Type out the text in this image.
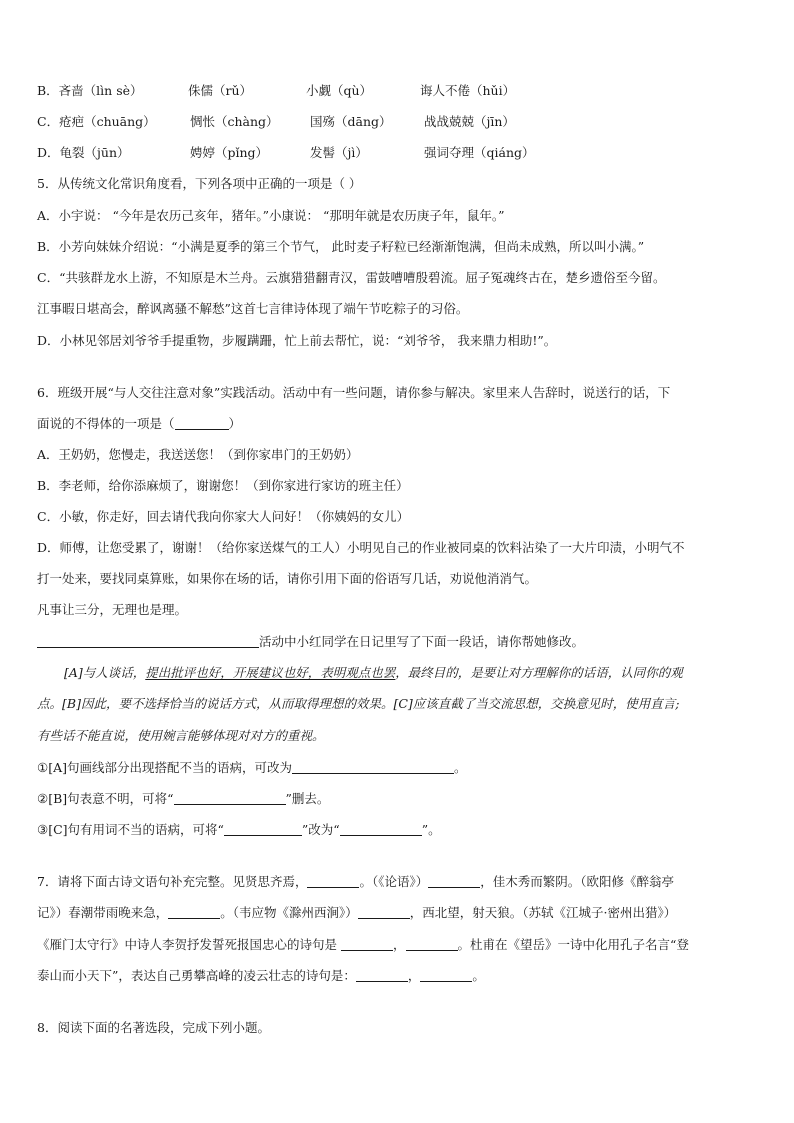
B．吝啬（lìn sè）	侏儒（rǔ）	小觑（qù）	诲人不倦（hǔi）
C．疮疤（chuāng）	惆怅（chàng）	国殇（dāng）	战战兢兢（jīn）
D．龟裂（jūn）	娉婷（pǐng）	发髻（jì）	强词夺理（qiáng）
5．从传统文化常识角度看，下列各项中正确的一项是（ ）
A．小宇说： “今年是农历己亥年，猪年。”小康说： “那明年就是农历庚子年，鼠年。”
B．小芳向妹妹介绍说：“小满是夏季的第三个节气， 此时麦子籽粒已经渐渐饱满，但尚未成熟，所以叫小满。”
C．“共骇群龙水上游，不知原是木兰舟。云旗猎猎翻青汉，雷鼓嘈嘈殷碧流。屈子冤魂终古在，楚乡遗俗至今留。
江事暇日堪高会，醉讽离骚不解愁”这首七言律诗体现了端午节吃粽子的习俗。
D．小林见邻居刘爷爷手提重物，步履蹒跚，忙上前去帮忙，说：“刘爷爷， 我来鼎力相助!”。
6．班级开展“与人交往注意对象”实践活动。活动中有一些问题，请你参与解决。家里来人告辞时，说送行的话，下
面说的不得体的一项是（	）
A．王奶奶，您慢走，我送送您！（到你家串门的王奶奶）
B．李老师，给你添麻烦了，谢谢您！（到你家进行家访的班主任）
C．小敏，你走好，回去请代我向你家大人问好！（你姨妈的女儿）
D．师傅，让您受累了，谢谢！（给你家送煤气的工人）小明见自己的作业被同桌的饮料沾染了一大片印渍，小明气不
打一处来，要找同桌算账，如果你在场的话，请你引用下面的俗语写几话，劝说他消消气。
凡事让三分，无理也是理。
活动中小红同学在日记里写了下面一段话，请你帮她修改。
[A]与人谈话，提出批评也好，开展建议也好，表明观点也罢，最终目的，是要让对方理解你的话语，认同你的观
点。[B]因此，要不选择恰当的说话方式，从而取得理想的效果。[C]应该直截了当交流思想，交换意见时，使用直言;
有些话不能直说，使用婉言能够体现对对方的重视。
①[A]句画线部分出现搭配不当的语病，可改为	。
②[B]句表意不明，可将“	”删去。
③[C]句有用词不当的语病，可将“	”改为“	”。
7．请将下面古诗文语句补充完整。见贤思齐焉，	。（《论语》）	，佳木秀而繁阴。（欧阳修《醉翁亭
记》）春潮带雨晚来急，	。（韦应物《滁州西涧》）	，西北望，射天狼。（苏轼《江城子·密州出猎》）
《雁门太守行》中诗人李贺抒发誓死报国忠心的诗句是	，	。杜甫在《望岳》一诗中化用孔子名言“登
泰山而小天下”，表达自己勇攀高峰的凌云壮志的诗句是：	，	。
8．阅读下面的名著选段，完成下列小题。
